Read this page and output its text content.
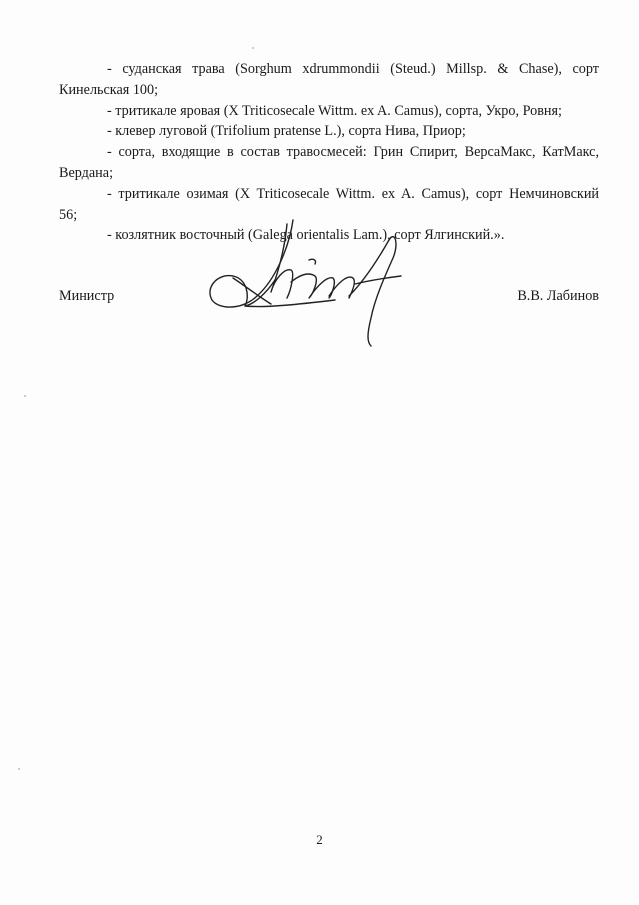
- суданская трава (Sorghum xdrummondii (Steud.) Millsp. & Chase), сорт
Кинельская 100;
- тритикале яровая (X Triticosecale Wittm. ex A. Camus), сорта, Укро, Ровня;
- клевер луговой (Trifolium pratense L.), сорта Нива, Приор;
- сорта, входящие в состав травосмесей: Грин Спирит, ВерсаМакс, КатМакс,
Вердана;
- тритикале озимая (X Triticosecale Wittm. ex A. Camus), сорт Немчиновский
56;
- козлятник восточный (Galega orientalis Lam.), сорт Ялгинский.».
Министр	В.В. Лабинов
2
